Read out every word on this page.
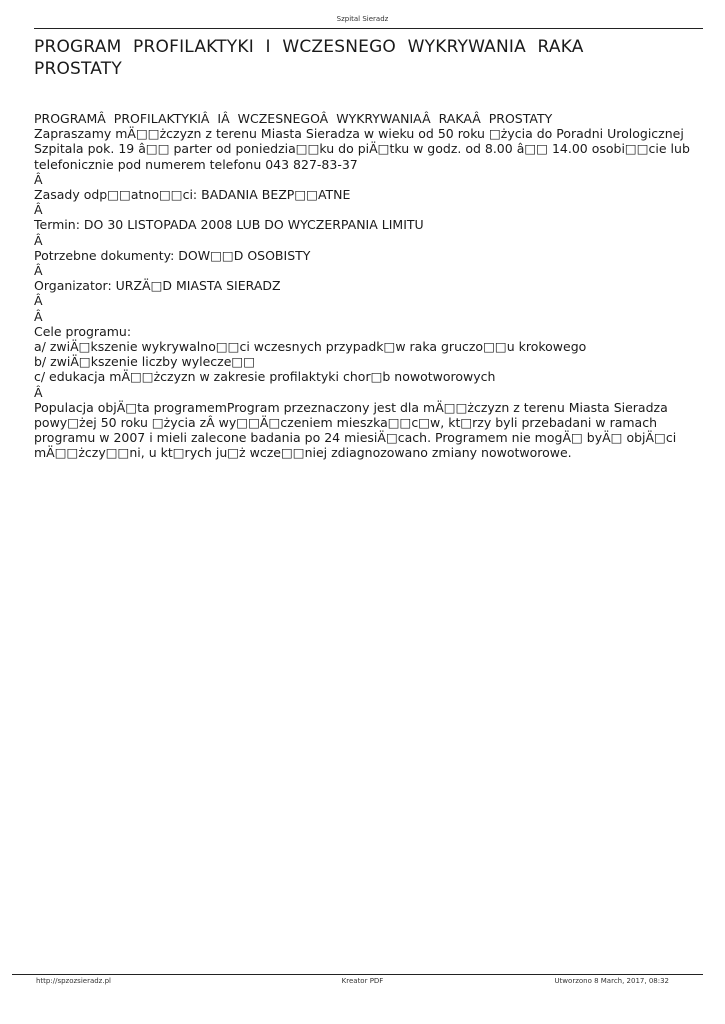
Szpital Sieradz
PROGRAM PROFILAKTYKI I WCZESNEGO WYKRYWANIA RAKA PROSTATY

PROGRAMÂ PROFILAKTYKIÂ IÂ WCZESNEGOÂ WYKRYWANIAÂ RAKAÂ PROSTATY

Zapraszamy mÄ□□żczyzn z terenu Miasta Sieradza w wieku od 50 roku □życia do Poradni Urologicznej

Szpitala pok. 19 â□□ parter od poniedzia□□ku do piÄ□tku w godz. od 8.00 â□□ 14.00 osobi□□cie lub

telefonicznie pod numerem telefonu 043 827-83-37

Â

Zasady odp□□atno□□ci: BADANIA BEZP□□ATNE

Â

Termin: DO 30 LISTOPADA 2008 LUB DO WYCZERPANIA LIMITU

Â

Potrzebne dokumenty: DOW□□D OSOBISTY

Â

Organizator: URZÄ□D MIASTA SIERADZ

Â

Â

Cele programu:

a/ zwiÄ□kszenie wykrywalno□□ci wczesnych przypadk□w raka gruczo□□u krokowego

b/ zwiÄ□kszenie liczby wylecze□□

c/ edukacja mÄ□□żczyzn w zakresie profilaktyki chor□b nowotworowych

Â

Populacja objÄ□ta programemProgram przeznaczony jest dla mÄ□□żczyzn z terenu Miasta Sieradza

powy□żej 50 roku □życia zÂ wy□□Ä□czeniem mieszka□□c□w, kt□rzy byli przebadani w ramach

programu w 2007 i mieli zalecone badania po 24 miesiÄ□cach. Programem nie mogÄ□ byÄ□ objÄ□ci

mÄ□□żczy□□ni, u kt□rych ju□ż wcze□□niej zdiagnozowano zmiany nowotworowe.

http://spzozsieradz.pl	Kreator PDF	Utworzono 8 March, 2017, 08:32
